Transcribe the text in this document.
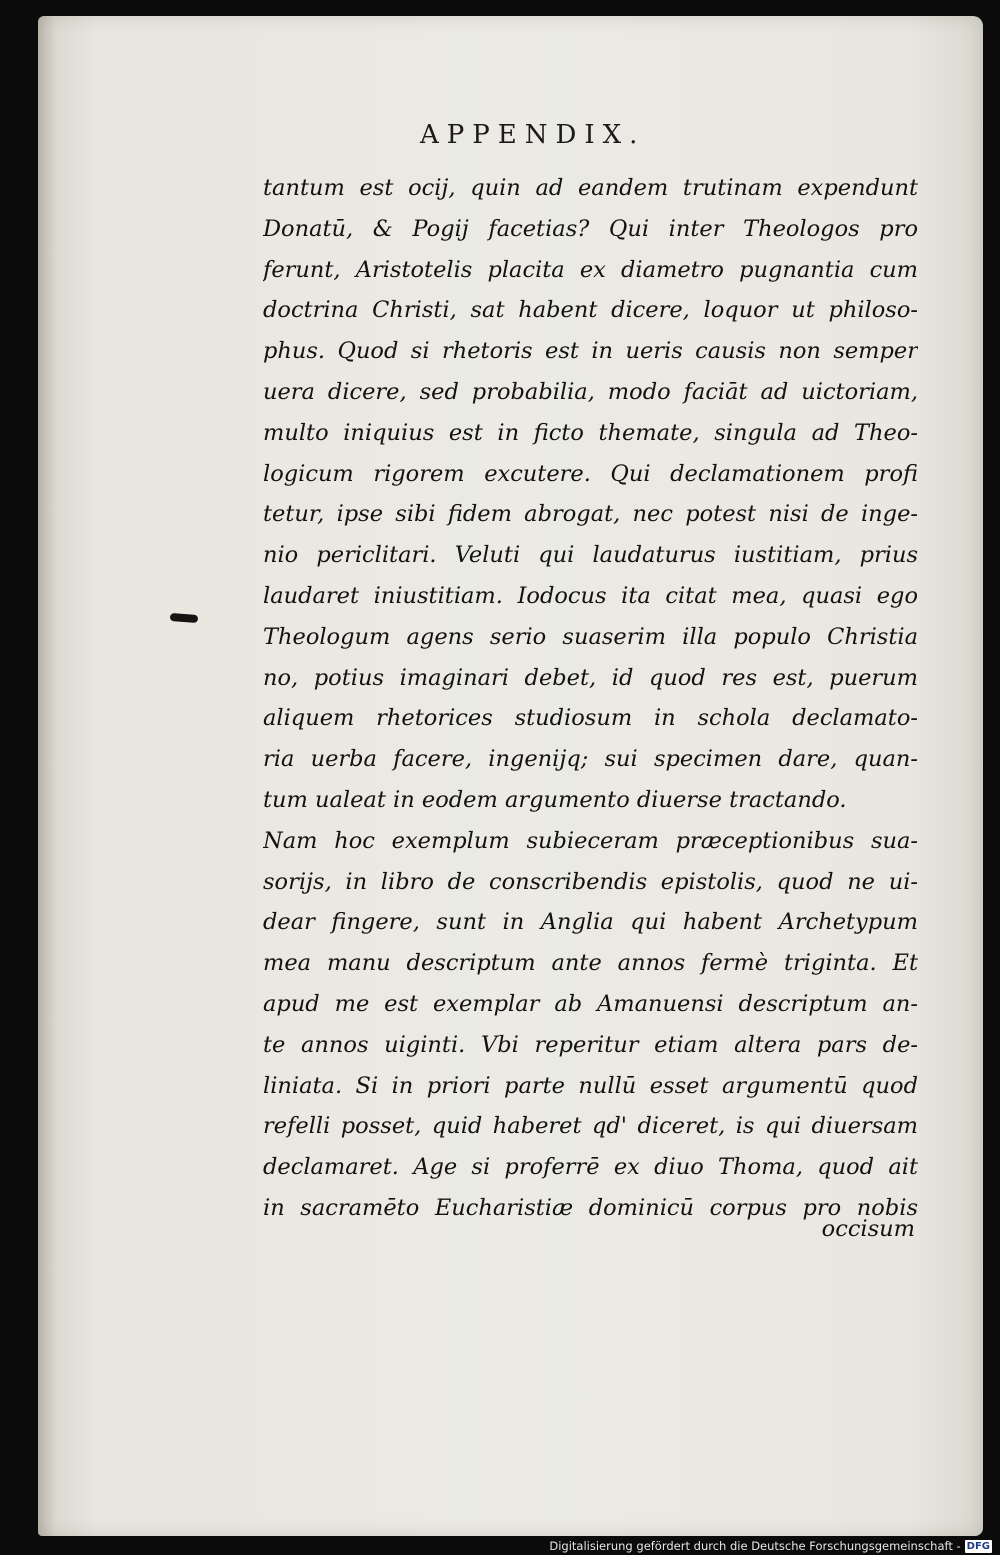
APPENDIX.
tantum est ocij, quin ad eandem trutinam expendunt
Donatū, & Pogij facetias? Qui inter Theologos pro
ferunt, Aristotelis placita ex diametro pugnantia cum
doctrina Christi, sat habent dicere, loquor ut philoso-
phus. Quod si rhetoris est in ueris causis non semper
uera dicere, sed probabilia, modo faciāt ad uictoriam,
multo iniquius est in ficto themate, singula ad Theo-
logicum rigorem excutere. Qui declamationem profi
tetur, ipse sibi fidem abrogat, nec potest nisi de inge-
nio periclitari. Veluti qui laudaturus iustitiam, prius
laudaret iniustitiam. Iodocus ita citat mea, quasi ego
Theologum agens serio suaserim illa populo Christia
no, potius imaginari debet, id quod res est, puerum
aliquem rhetorices studiosum in schola declamato-
ria uerba facere, ingenijq; sui specimen dare, quan-
tum ualeat in eodem argumento diuerse tractando.
Nam hoc exemplum subieceram præceptionibus sua-
sorijs, in libro de conscribendis epistolis, quod ne ui-
dear fingere, sunt in Anglia qui habent Archetypum
mea manu descriptum ante annos fermè triginta. Et
apud me est exemplar ab Amanuensi descriptum an-
te annos uiginti. Vbi reperitur etiam altera pars de-
liniata. Si in priori parte nullū esset argumentū quod
refelli posset, quid haberet qd' diceret, is qui diuersam
declamaret. Age si proferrē ex diuo Thoma, quod ait
in sacramēto Eucharistiæ dominicū corpus pro nobis
occisum
Digitalisierung gefördert durch die Deutsche Forschungsgemeinschaft - DFG
